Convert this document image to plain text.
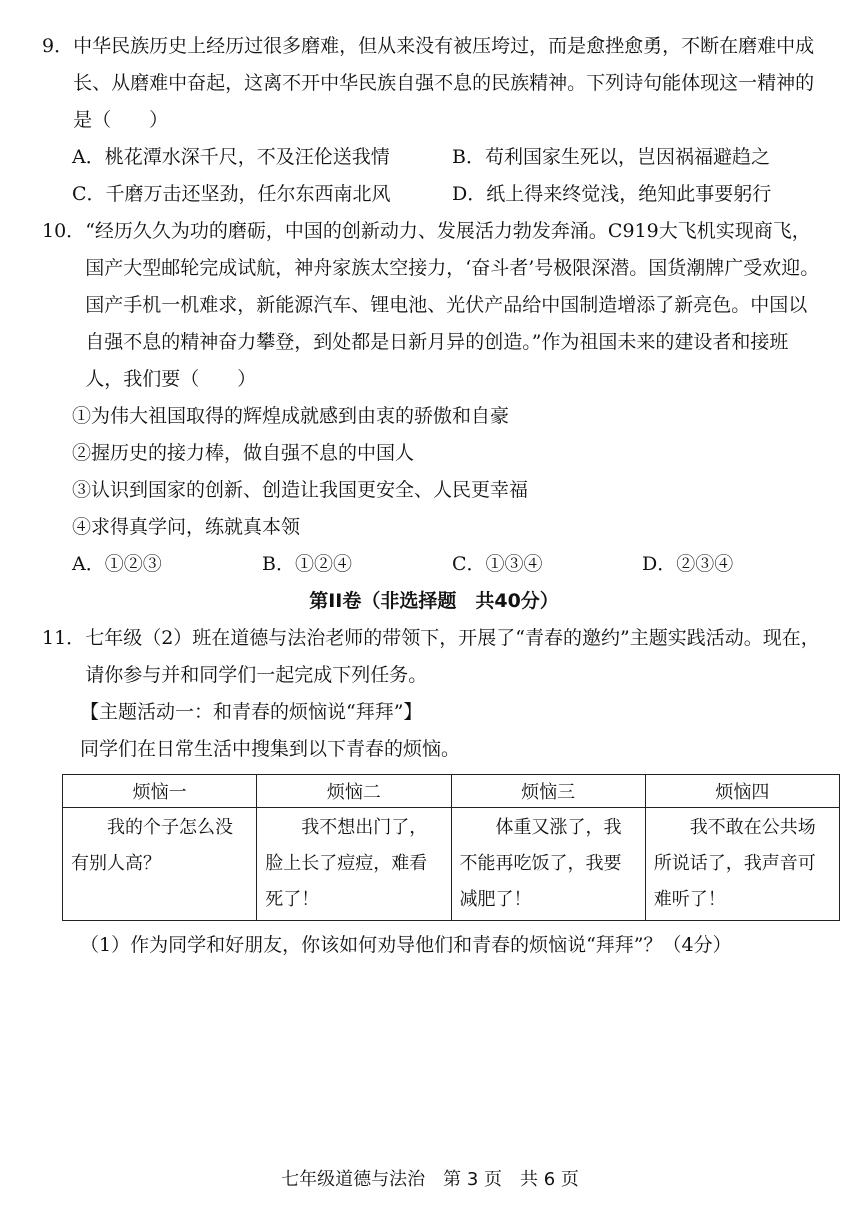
9． 中华民族历史上经历过很多磨难，但从来没有被压垮过，而是愈挫愈勇，不断在磨难中成长、从磨难中奋起，这离不开中华民族自强不息的民族精神。下列诗句能体现这一精神的是（　　）
A．桃花潭水深千尺，不及汪伦送我情	B．苟利国家生死以，岂因祸福避趋之
C．千磨万击还坚劲，任尔东西南北风	D．纸上得来终觉浅，绝知此事要躬行
10． “经历久久为功的磨砺，中国的创新动力、发展活力勃发奔涌。C919大飞机实现商飞，国产大型邮轮完成试航，神舟家族太空接力，‘奋斗者’号极限深潜。国货潮牌广受欢迎。国产手机一机难求，新能源汽车、锂电池、光伏产品给中国制造增添了新亮色。中国以自强不息的精神奋力攀登，到处都是日新月异的创造。”作为祖国未来的建设者和接班人，我们要（　　）
①为伟大祖国取得的辉煌成就感到由衷的骄傲和自豪
②握历史的接力棒，做自强不息的中国人
③认识到国家的创新、创造让我国更安全、人民更幸福
④求得真学问，练就真本领
A．①②③	B．①②④	C．①③④	D．②③④
第II卷（非选择题　共40分）
11． 七年级（2）班在道德与法治老师的带领下，开展了“青春的邀约”主题实践活动。现在，请你参与并和同学们一起完成下列任务。
【主题活动一：和青春的烦恼说“拜拜”】
同学们在日常生活中搜集到以下青春的烦恼。
烦恼一	烦恼二	烦恼三	烦恼四
我的个子怎么没有别人高？	我不想出门了，脸上长了痘痘，难看死了！	体重又涨了，我不能再吃饭了，我要减肥了！	我不敢在公共场所说话了，我声音可难听了！
（1）作为同学和好朋友，你该如何劝导他们和青春的烦恼说“拜拜”？（4分）
七年级道德与法治　第 3 页　共 6 页
